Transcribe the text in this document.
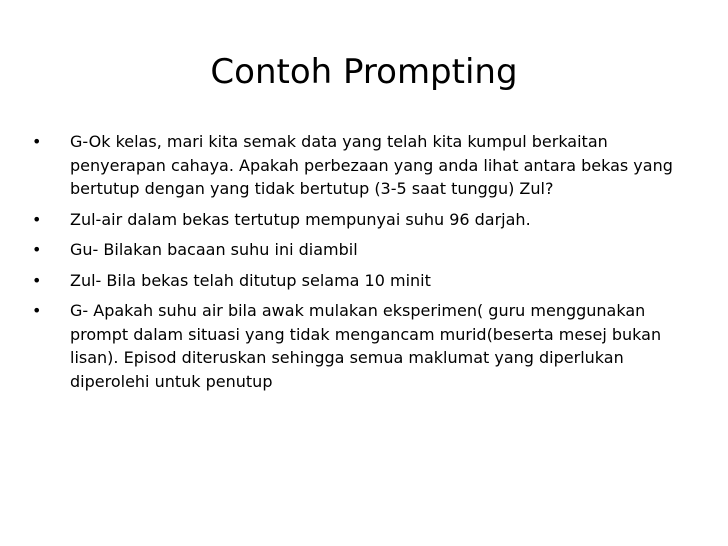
Contoh Prompting
• G-Ok kelas, mari kita semak data yang telah kita kumpul berkaitan
penyerapan cahaya. Apakah perbezaan yang anda lihat antara bekas yang
bertutup dengan yang tidak bertutup (3-5 saat tunggu) Zul?
• Zul-air dalam bekas tertutup mempunyai suhu 96 darjah.
• Gu- Bilakan bacaan suhu ini diambil
• Zul- Bila bekas telah ditutup selama 10 minit
• G- Apakah suhu air bila awak mulakan eksperimen( guru menggunakan
prompt dalam situasi yang tidak mengancam murid(beserta mesej bukan
lisan). Episod diteruskan sehingga semua maklumat yang diperlukan
diperolehi untuk penutup
